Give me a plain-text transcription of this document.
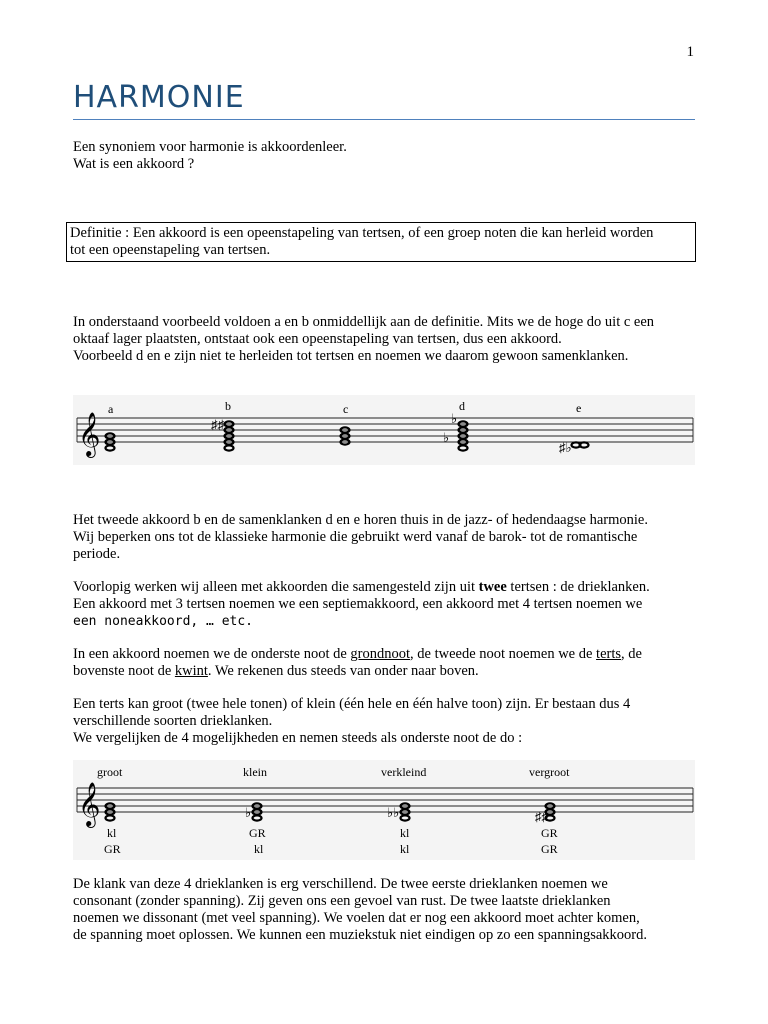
1
HARMONIE
Een synoniem voor harmonie is akkoordenleer.
Wat is een akkoord ?
Definitie : Een akkoord is een opeenstapeling van tertsen, of een groep noten die kan herleid worden
tot een opeenstapeling van tertsen.
In onderstaand voorbeeld voldoen a en b onmiddellijk aan de definitie. Mits we de hoge do uit c een
oktaaf lager plaatsten, ontstaat ook een opeenstapeling van tertsen, dus een akkoord.
Voorbeeld d en e zijn niet te herleiden tot tertsen en noemen we daarom gewoon samenklanken.
𝄞
a	b	c	d	e
♯♯
♭
♭
♯♭
Het tweede akkoord b en de samenklanken d en e horen thuis in de jazz- of hedendaagse harmonie.
Wij beperken ons tot de klassieke harmonie die gebruikt werd vanaf de barok- tot de romantische
periode.
Voorlopig werken wij alleen met akkoorden die samengesteld zijn uit twee tertsen : de drieklanken.
Een akkoord met 3 tertsen noemen we een septiemakkoord, een akkoord met 4 tertsen noemen we
een noneakkoord, … etc.
In een akkoord noemen we de onderste noot de grondnoot, de tweede noot noemen we de terts, de
bovenste noot de kwint. We rekenen dus steeds van onder naar boven.
Een terts kan groot (twee hele tonen) of klein (één hele en één halve toon) zijn. Er bestaan dus 4
verschillende soorten drieklanken.
We vergelijken de 4 mogelijkheden en nemen steeds als onderste noot de do :
𝄞
groot	klein	verkleind	vergroot
♭	♭♭	♯♯
kl
GR
GR
kl
kl
kl
GR
GR
De klank van deze 4 drieklanken is erg verschillend. De twee eerste drieklanken noemen we
consonant (zonder spanning). Zij geven ons een gevoel van rust. De twee laatste drieklanken
noemen we dissonant (met veel spanning). We voelen dat er nog een akkoord moet achter komen,
de spanning moet oplossen. We kunnen een muziekstuk niet eindigen op zo een spanningsakkoord.
